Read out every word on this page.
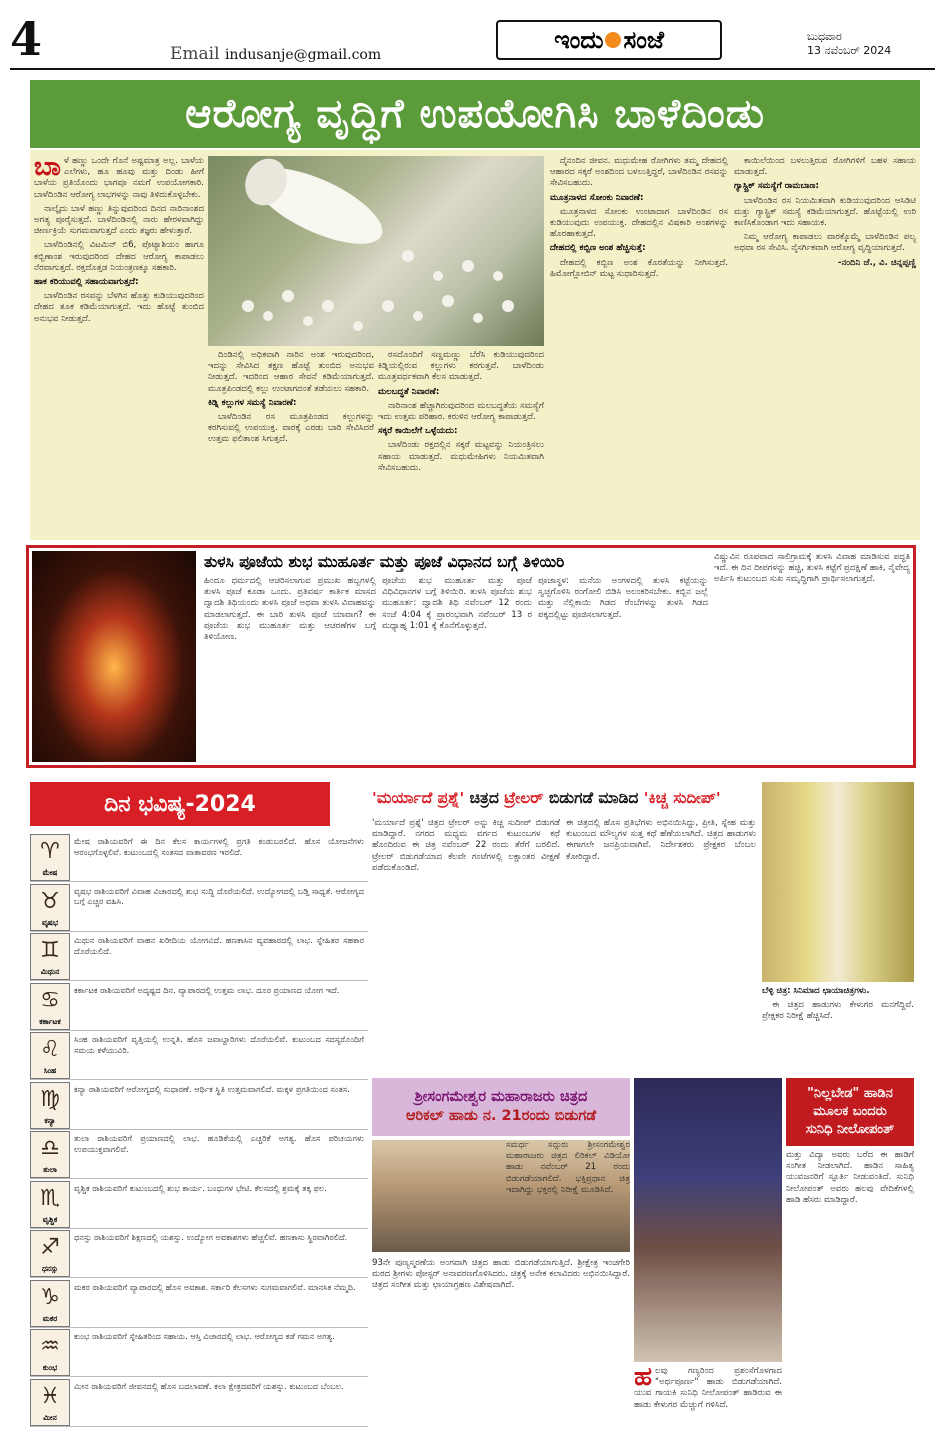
4	Email indusanje@gmail.com
ಇಂದು ಸಂಜೆ	ಬುಧವಾರ
13 ನವೆಂಬರ್ 2024
ಆರೋಗ್ಯ ವೃದ್ಧಿಗೆ ಉಪಯೋಗಿಸಿ ಬಾಳೆದಿಂಡು

ಬಾಳೆ ಹಣ್ಣು ಒಂದೇ ಗೊನೆ ಅಷ್ಟಮಾತ್ರ ಅಲ್ಲ. ಬಾಳೆಯ ಎಲೆಗಳು, ಹೂ ಹೂವು ಮತ್ತು ದಿಂಡು ಹೀಗೆ ಬಾಳೆಯ ಪ್ರತಿಯೊಂದು ಭಾಗವೂ ನಮಗೆ ಉಪಯೋಗಕಾರಿ. ಬಾಳೆದಿಂಡಿನ ಆರೋಗ್ಯ ಲಾಭಗಳನ್ನು ನಾವು ತಿಳಿದುಕೊಳ್ಳಬೇಕು.

ನಾಲ್ಕೈದು ಬಾಳೆ ಹಣ್ಣು ತಿನ್ನುವುದರಿಂದ ದಿನದ ನಾರಿನಾಂಶದ ಅಗತ್ಯ ಪೂರೈಸುತ್ತದೆ. ಬಾಳೆದಿಂಡಿನಲ್ಲಿ ನಾರು ಹೇರಳವಾಗಿದ್ದು ಜೀರ್ಣಕ್ರಿಯೆ ಸುಗಮವಾಗುತ್ತದೆ ಎಂದು ತಜ್ಞರು ಹೇಳುತ್ತಾರೆ.

ಬಾಳೆದಿಂಡಿನಲ್ಲಿ ವಿಟಮಿನ್ ಬಿ6, ಪೊಟ್ಯಾಶಿಯಂ ಹಾಗೂ ಕಬ್ಬಿಣಾಂಶ ಇರುವುದರಿಂದ ದೇಹದ ಆರೋಗ್ಯ ಕಾಪಾಡಲು ನೆರವಾಗುತ್ತದೆ. ರಕ್ತದೊತ್ತಡ ನಿಯಂತ್ರಣಕ್ಕೂ ಸಹಕಾರಿ.

ಹಾಕ ಕರಿಯುವಲ್ಲಿ ಸಹಾಯವಾಗುತ್ತದೆ:

ಬಾಳೆದಿಂಡಿನ ರಸವನ್ನು ಬೆಳಗಿನ ಹೊತ್ತು ಕುಡಿಯುವುದರಿಂದ ದೇಹದ ತೂಕ ಕಡಿಮೆಯಾಗುತ್ತದೆ. ಇದು ಹೊಟ್ಟೆ ತುಂಬಿದ ಅನುಭವ ನೀಡುತ್ತದೆ.

ದಿಂಡಿನಲ್ಲಿ ಅಧಿಕವಾಗಿ ನಾರಿನ ಅಂಶ ಇರುವುದರಿಂದ, ಇದನ್ನು ಸೇವಿಸಿದ ತಕ್ಷಣ ಹೊಟ್ಟೆ ತುಂಬಿದ ಅನುಭವ ನೀಡುತ್ತದೆ. ಇದರಿಂದ ಆಹಾರ ಸೇವನೆ ಕಡಿಮೆಯಾಗುತ್ತದೆ. ಮೂತ್ರಪಿಂಡದಲ್ಲಿ ಕಲ್ಲು ಉಂಟಾಗದಂತೆ ತಡೆಯಲು ಸಹಕಾರಿ.

ಕಿಡ್ನಿ ಕಲ್ಲುಗಳ ಸಮಸ್ಯೆ ನಿವಾರಣೆ:

ಬಾಳೆದಿಂಡಿನ ರಸ ಮೂತ್ರಪಿಂಡದ ಕಲ್ಲುಗಳನ್ನು ಕರಗಿಸುವಲ್ಲಿ ಉಪಯುಕ್ತ. ವಾರಕ್ಕೆ ಎರಡು ಬಾರಿ ಸೇವಿಸಿದರೆ ಉತ್ತಮ ಫಲಿತಾಂಶ ಸಿಗುತ್ತದೆ.

ರಸದೊಂದಿಗೆ ಸಣ್ಣಮಣ್ಣು ಬೆರೆಸಿ ಕುಡಿಯುವುದರಿಂದ ಕಿಡ್ನಿಯಲ್ಲಿರುವ ಕಲ್ಲುಗಳು ಕರಗುತ್ತವೆ. ಬಾಳೆದಿಂಡು ಮೂತ್ರವರ್ಧಕವಾಗಿ ಕೆಲಸ ಮಾಡುತ್ತದೆ.

ಮಲಬದ್ಧತೆ ನಿವಾರಣೆ:

ನಾರಿನಾಂಶ ಹೆಚ್ಚಾಗಿರುವುದರಿಂದ ಮಲಬದ್ಧತೆಯ ಸಮಸ್ಯೆಗೆ ಇದು ಉತ್ತಮ ಪರಿಹಾರ. ಕರುಳಿನ ಆರೋಗ್ಯ ಕಾಪಾಡುತ್ತದೆ.

ಸಕ್ಕರೆ ಕಾಯಿಲೆಗೆ ಒಳ್ಳೆಯದು:

ಬಾಳೆದಿಂಡು ರಕ್ತದಲ್ಲಿನ ಸಕ್ಕರೆ ಮಟ್ಟವನ್ನು ನಿಯಂತ್ರಿಸಲು ಸಹಾಯ ಮಾಡುತ್ತದೆ. ಮಧುಮೇಹಿಗಳು ನಿಯಮಿತವಾಗಿ ಸೇವಿಸಬಹುದು.

ದೈನಂದಿನ ಜೀವನ. ಮಧುಮೇಹ ರೋಗಿಗಳು ತಮ್ಮ ದೇಹದಲ್ಲಿ ಆಹಾರದ ಸಕ್ಕರೆ ಅಂಶದಿಂದ ಬಳಲುತ್ತಿದ್ದರೆ, ಬಾಳೆದಿಂಡಿನ ರಸವನ್ನು ಸೇವಿಸಬಹುದು.

ಮೂತ್ರನಾಳದ ಸೋಂಕು ನಿವಾರಣೆ:

ಮೂತ್ರನಾಳದ ಸೋಂಕು ಉಂಟಾದಾಗ ಬಾಳೆದಿಂಡಿನ ರಸ ಕುಡಿಯುವುದು ಉಪಯುಕ್ತ. ದೇಹದಲ್ಲಿನ ವಿಷಕಾರಿ ಅಂಶಗಳನ್ನು ಹೊರಹಾಕುತ್ತದೆ.

ದೇಹದಲ್ಲಿ ಕಬ್ಬಿಣ ಅಂಶ ಹೆಚ್ಚಿಸುತ್ತೆ:

ದೇಹದಲ್ಲಿ ಕಬ್ಬಿಣ ಅಂಶ ಕೊರತೆಯನ್ನು ನೀಗಿಸುತ್ತದೆ. ಹಿಮೋಗ್ಲೋಬಿನ್ ಮಟ್ಟ ಸುಧಾರಿಸುತ್ತದೆ.

ಕಾಯಿಲೆಯಿಂದ ಬಳಲುತ್ತಿರುವ ರೋಗಿಗಳಿಗೆ ಬಹಳ ಸಹಾಯ ಮಾಡುತ್ತದೆ.

ಗ್ಯಾಸ್ಟ್ರಿಕ್ ಸಮಸ್ಯೆಗೆ ರಾಮಬಾಣ:

ಬಾಳೆದಿಂಡಿನ ರಸ ನಿಯಮಿತವಾಗಿ ಕುಡಿಯುವುದರಿಂದ ಆಸಿಡಿಟಿ ಮತ್ತು ಗ್ಯಾಸ್ಟ್ರಿಕ್ ಸಮಸ್ಯೆ ಕಡಿಮೆಯಾಗುತ್ತದೆ. ಹೊಟ್ಟೆಯಲ್ಲಿ ಉರಿ ಕಾಣಿಸಿಕೊಂಡಾಗ ಇದು ಸಹಾಯಕ.

ನಿಮ್ಮ ಆರೋಗ್ಯ ಕಾಪಾಡಲು ವಾರಕ್ಕೊಮ್ಮೆ ಬಾಳೆದಿಂಡಿನ ಪಲ್ಯ ಅಥವಾ ರಸ ಸೇವಿಸಿ. ನೈಸರ್ಗಿಕವಾಗಿ ಆರೋಗ್ಯ ವೃದ್ಧಿಯಾಗುತ್ತದೆ.

-ನಂದಿನಿ ಜೆ., ವಿ. ಚಿನ್ನಪ್ಪಣ್ಣಿ

ತುಳಸಿ ಪೂಜೆಯ ಶುಭ ಮುಹೂರ್ತ ಮತ್ತು ಪೂಜೆ ವಿಧಾನದ ಬಗ್ಗೆ ತಿಳಿಯಿರಿ
ಹಿಂದೂ ಧರ್ಮದಲ್ಲಿ ಆಚರಿಸಲಾಗುವ ಪ್ರಮುಖ ಹಬ್ಬಗಳಲ್ಲಿ ತುಳಸಿ ಪೂಜೆ ಕೂಡಾ ಒಂದು. ಪ್ರತಿವರ್ಷ ಕಾರ್ತಿಕ ಮಾಸದ ದ್ವಾದಶಿ ತಿಥಿಯಂದು ತುಳಸಿ ಪೂಜೆ ಅಥವಾ ತುಳಸಿ ವಿವಾಹವನ್ನು ಮಾಡಲಾಗುತ್ತದೆ. ಈ ಬಾರಿ ತುಳಸಿ ಪೂಜೆ ಯಾವಾಗ? ಈ ಪೂಜೆಯ ಶುಭ ಮುಹೂರ್ತ ಮತ್ತು ಆಚರಣೆಗಳ ಬಗ್ಗೆ ತಿಳಿಯೋಣ.
ಪೂಜೆಯ ಶುಭ ಮುಹೂರ್ತ ಮತ್ತು ಪೂಜೆ ವಿಧಿವಿಧಾನಗಳ ಬಗ್ಗೆ ತಿಳಿಯಿರಿ. ತುಳಸಿ ಪೂಜೆಯ ಶುಭ ಮುಹೂರ್ತ: ದ್ವಾದಶಿ ತಿಥಿ ನವೆಂಬರ್ 12 ರಂದು ಸಂಜೆ 4:04 ಕ್ಕೆ ಪ್ರಾರಂಭವಾಗಿ ನವೆಂಬರ್ 13 ರ ಮಧ್ಯಾಹ್ನ 1:01 ಕ್ಕೆ ಕೊನೆಗೊಳ್ಳುತ್ತದೆ.
ಪೂಜಾಸ್ಥಳ: ಮನೆಯ ಅಂಗಳದಲ್ಲಿ ತುಳಸಿ ಕಟ್ಟೆಯನ್ನು ಸ್ವಚ್ಛಗೊಳಿಸಿ ರಂಗೋಲಿ ಬಿಡಿಸಿ ಅಲಂಕರಿಸಬೇಕು. ಕಬ್ಬಿನ ಜಲ್ಲೆ ಮತ್ತು ನೆಲ್ಲಿಕಾಯಿ ಗಿಡದ ರೆಂಬೆಗಳನ್ನು ತುಳಸಿ ಗಿಡದ ಪಕ್ಕದಲ್ಲಿಟ್ಟು ಪೂಜಿಸಲಾಗುತ್ತದೆ.
ವಿಷ್ಣುವಿನ ರೂಪವಾದ ಸಾಲಿಗ್ರಾಮಕ್ಕೆ ತುಳಸಿ ವಿವಾಹ ಮಾಡಿಸುವ ಪದ್ಧತಿ ಇದೆ. ಈ ದಿನ ದೀಪಗಳನ್ನು ಹಚ್ಚಿ, ತುಳಸಿ ಕಟ್ಟೆಗೆ ಪ್ರದಕ್ಷಿಣೆ ಹಾಕಿ, ನೈವೇದ್ಯ ಅರ್ಪಿಸಿ ಕುಟುಂಬದ ಸುಖ ಸಮೃದ್ಧಿಗಾಗಿ ಪ್ರಾರ್ಥಿಸಲಾಗುತ್ತದೆ.
ದಿನ ಭವಿಷ್ಯ-2024
♈
ಮೇಷ
ಮೇಷ ರಾಶಿಯವರಿಗೆ ಈ ದಿನ ಕೆಲಸ ಕಾರ್ಯಗಳಲ್ಲಿ ಪ್ರಗತಿ ಕಂಡುಬರಲಿದೆ. ಹೊಸ ಯೋಜನೆಗಳು ಆರಂಭಗೊಳ್ಳಲಿವೆ. ಕುಟುಂಬದಲ್ಲಿ ಸಂತಸದ ವಾತಾವರಣ ಇರಲಿದೆ.
♉
ವೃಷಭ
ವೃಷಭ ರಾಶಿಯವರಿಗೆ ವಿವಾಹ ವಿಚಾರದಲ್ಲಿ ಶುಭ ಸುದ್ದಿ ದೊರೆಯಲಿದೆ. ಉದ್ಯೋಗದಲ್ಲಿ ಬಡ್ತಿ ಸಾಧ್ಯತೆ. ಆರೋಗ್ಯದ ಬಗ್ಗೆ ಎಚ್ಚರ ವಹಿಸಿ.
♊
ಮಿಥುನ
ಮಿಥುನ ರಾಶಿಯವರಿಗೆ ವಾಹನ ಖರೀದಿಯ ಯೋಗವಿದೆ. ಹಣಕಾಸಿನ ವ್ಯವಹಾರದಲ್ಲಿ ಲಾಭ. ಸ್ನೇಹಿತರ ಸಹಕಾರ ದೊರೆಯಲಿದೆ.
♋
ಕರ್ಕಾಟಕ
ಕರ್ಕಾಟಕ ರಾಶಿಯವರಿಗೆ ಅದೃಷ್ಟದ ದಿನ. ವ್ಯಾಪಾರದಲ್ಲಿ ಉತ್ತಮ ಲಾಭ. ದೂರ ಪ್ರಯಾಣದ ಯೋಗ ಇದೆ.
♌
ಸಿಂಹ
ಸಿಂಹ ರಾಶಿಯವರಿಗೆ ವೃತ್ತಿಯಲ್ಲಿ ಉನ್ನತಿ. ಹೊಸ ಜವಾಬ್ದಾರಿಗಳು ದೊರೆಯಲಿವೆ. ಕುಟುಂಬದ ಸದಸ್ಯರೊಂದಿಗೆ ಸಮಯ ಕಳೆಯುವಿರಿ.
♍
ಕನ್ಯಾ
ಕನ್ಯಾ ರಾಶಿಯವರಿಗೆ ಆರೋಗ್ಯದಲ್ಲಿ ಸುಧಾರಣೆ. ಆರ್ಥಿಕ ಸ್ಥಿತಿ ಉತ್ತಮವಾಗಲಿದೆ. ಮಕ್ಕಳ ಪ್ರಗತಿಯಿಂದ ಸಂತಸ.
♎
ತುಲಾ
ತುಲಾ ರಾಶಿಯವರಿಗೆ ಪ್ರಯಾಣದಲ್ಲಿ ಲಾಭ. ಹೂಡಿಕೆಯಲ್ಲಿ ಎಚ್ಚರಿಕೆ ಅಗತ್ಯ. ಹೊಸ ಪರಿಚಯಗಳು ಉಪಯುಕ್ತವಾಗಲಿವೆ.
♏
ವೃಶ್ಚಿಕ
ವೃಶ್ಚಿಕ ರಾಶಿಯವರಿಗೆ ಕುಟುಂಬದಲ್ಲಿ ಶುಭ ಕಾರ್ಯ. ಬಂಧುಗಳ ಭೇಟಿ. ಕೆಲಸದಲ್ಲಿ ಶ್ರಮಕ್ಕೆ ತಕ್ಕ ಫಲ.
♐
ಧನಸ್ಸು
ಧನಸ್ಸು ರಾಶಿಯವರಿಗೆ ಶಿಕ್ಷಣದಲ್ಲಿ ಯಶಸ್ಸು. ಉದ್ಯೋಗ ಅವಕಾಶಗಳು ಹೆಚ್ಚಲಿವೆ. ಹಣಕಾಸು ಸ್ಥಿರವಾಗಿರಲಿದೆ.
♑
ಮಕರ
ಮಕರ ರಾಶಿಯವರಿಗೆ ವ್ಯಾಪಾರದಲ್ಲಿ ಹೊಸ ಅವಕಾಶ. ಸರ್ಕಾರಿ ಕೆಲಸಗಳು ಸುಗಮವಾಗಲಿವೆ. ಮಾನಸಿಕ ನೆಮ್ಮದಿ.
♒
ಕುಂಭ
ಕುಂಭ ರಾಶಿಯವರಿಗೆ ಸ್ನೇಹಿತರಿಂದ ಸಹಾಯ. ಆಸ್ತಿ ವಿಚಾರದಲ್ಲಿ ಲಾಭ. ಆರೋಗ್ಯದ ಕಡೆ ಗಮನ ಅಗತ್ಯ.
♓
ಮೀನ
ಮೀನ ರಾಶಿಯವರಿಗೆ ಜೀವನದಲ್ಲಿ ಹೊಸ ಬದಲಾವಣೆ. ಕಲಾ ಕ್ಷೇತ್ರದವರಿಗೆ ಯಶಸ್ಸು. ಕುಟುಂಬದ ಬೆಂಬಲ.
'ಮರ್ಯಾದೆ ಪ್ರಶ್ನೆ' ಚಿತ್ರದ ಟ್ರೇಲರ್ ಬಿಡುಗಡೆ ಮಾಡಿದ 'ಕಿಚ್ಚ ಸುದೀಪ್'
'ಮರ್ಯಾದೆ ಪ್ರಶ್ನೆ' ಚಿತ್ರದ ಟ್ರೇಲರ್ ಅನ್ನು ಕಿಚ್ಚ ಸುದೀಪ್ ಬಿಡುಗಡೆ ಮಾಡಿದ್ದಾರೆ. ನಗರದ ಮಧ್ಯಮ ವರ್ಗದ ಕುಟುಂಬಗಳ ಕಥೆ ಹೊಂದಿರುವ ಈ ಚಿತ್ರ ನವೆಂಬರ್ 22 ರಂದು ತೆರೆಗೆ ಬರಲಿದೆ. ಟ್ರೇಲರ್ ಬಿಡುಗಡೆಯಾದ ಕೆಲವೇ ಗಂಟೆಗಳಲ್ಲಿ ಲಕ್ಷಾಂತರ ವೀಕ್ಷಣೆ ಪಡೆದುಕೊಂಡಿದೆ.
ಈ ಚಿತ್ರದಲ್ಲಿ ಹೊಸ ಪ್ರತಿಭೆಗಳು ಅಭಿನಯಿಸಿದ್ದು, ಪ್ರೀತಿ, ಸ್ನೇಹ ಮತ್ತು ಕುಟುಂಬದ ಮೌಲ್ಯಗಳ ಸುತ್ತ ಕಥೆ ಹೆಣೆಯಲಾಗಿದೆ. ಚಿತ್ರದ ಹಾಡುಗಳು ಈಗಾಗಲೇ ಜನಪ್ರಿಯವಾಗಿವೆ. ನಿರ್ದೇಶಕರು ಪ್ರೇಕ್ಷಕರ ಬೆಂಬಲ ಕೋರಿದ್ದಾರೆ.

ಬೆಳ್ಳಿ ಚಿತ್ರ: ಸಿನಿಮಾದ ಛಾಯಾಚಿತ್ರಗಳು.

ಈ ಚಿತ್ರದ ಹಾಡುಗಳು ಕೇಳುಗರ ಮನಗೆದ್ದಿವೆ. ಪ್ರೇಕ್ಷಕರ ನಿರೀಕ್ಷೆ ಹೆಚ್ಚಿಸಿದೆ.

ಶ್ರೀಸಂಗಮೇಶ್ವರ ಮಹಾರಾಜರು ಚಿತ್ರದ
ಆರಿಕಲ್ ಹಾಡು ನ. 21ರಂದು ಬಿಡುಗಡೆ
ಸಮರ್ಥ ಸದ್ಗುರು ಶ್ರೀಸಂಗಮೇಶ್ವರ ಮಹಾರಾಜರು ಚಿತ್ರದ ಲಿರಿಕಲ್ ವಿಡಿಯೋ ಹಾಡು ನವೆಂಬರ್ 21 ರಂದು ಬಿಡುಗಡೆಯಾಗಲಿದೆ. ಭಕ್ತಿಪ್ರಧಾನ ಚಿತ್ರ ಇದಾಗಿದ್ದು ಭಕ್ತರಲ್ಲಿ ನಿರೀಕ್ಷೆ ಮೂಡಿಸಿದೆ.
93ನೇ ಪುಣ್ಯಸ್ಮರಣೆಯ ಅಂಗವಾಗಿ ಚಿತ್ರದ ಹಾಡು ಬಿಡುಗಡೆಯಾಗುತ್ತಿದೆ. ಶ್ರೀಕ್ಷೇತ್ರ ಇಂಚಗೇರಿ ಮಠದ ಶ್ರೀಗಳು ಪೋಸ್ಟರ್ ಅನಾವರಣಗೊಳಿಸಿದರು. ಚಿತ್ರಕ್ಕೆ ಅನೇಕ ಕಲಾವಿದರು ಅಭಿನಯಿಸಿದ್ದಾರೆ. ಚಿತ್ರದ ಸಂಗೀತ ಮತ್ತು ಛಾಯಾಗ್ರಹಣ ವಿಶೇಷವಾಗಿದೆ.

ಹಲವು ಗಣ್ಯರಿಂದ ಪ್ರಶಂಸೆಗೊಳಗಾದ "ಅರ್ಥಪೂರ್ಣ" ಹಾಡು ಬಿಡುಗಡೆಯಾಗಿದೆ. ಯುವ ಗಾಯಕಿ ಸುನಿಧಿ ನೀಲೋಪಂತ್ ಹಾಡಿರುವ ಈ ಹಾಡು ಕೇಳುಗರ ಮೆಚ್ಚುಗೆ ಗಳಿಸಿದೆ.

"ನಿಲ್ಲಬೇಡ" ಹಾಡಿನ
ಮೂಲಕ ಬಂದರು
ಸುನಿಧಿ ನೀಲೋಪಂತ್
ಮತ್ತು ವಿದ್ಯಾ ಅವರು ಬರೆದ ಈ ಹಾಡಿಗೆ ಸಂಗೀತ ನೀಡಲಾಗಿದೆ. ಹಾಡಿನ ಸಾಹಿತ್ಯ ಯುವಜನರಿಗೆ ಸ್ಫೂರ್ತಿ ನೀಡುವಂತಿದೆ. ಸುನಿಧಿ ನೀಲೋಪಂತ್ ಅವರು ಹಲವು ವೇದಿಕೆಗಳಲ್ಲಿ ಹಾಡಿ ಹೆಸರು ಮಾಡಿದ್ದಾರೆ.
